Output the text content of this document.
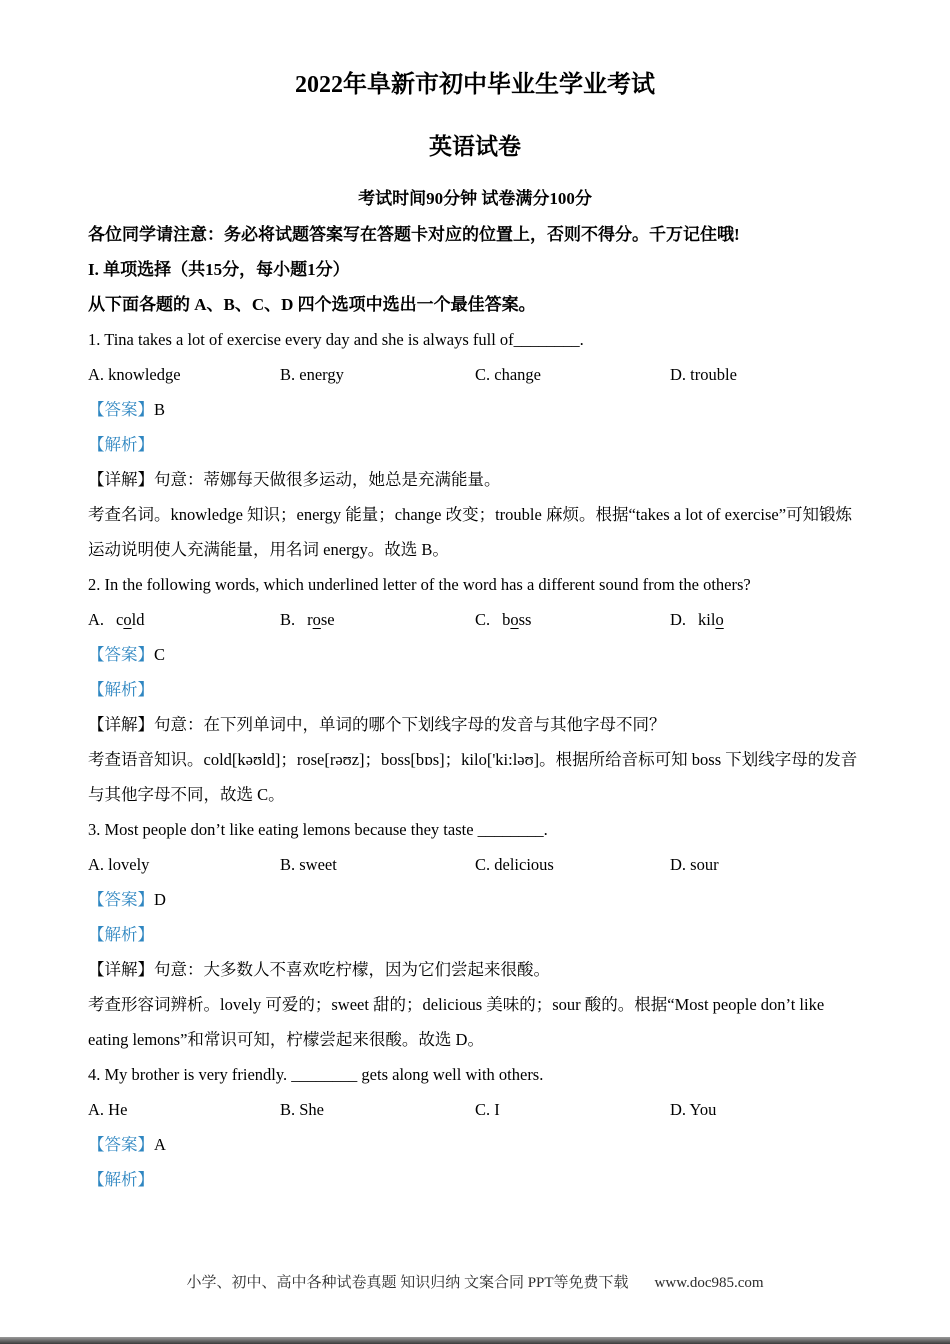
2022年阜新市初中毕业生学业考试
英语试卷

考试时间90分钟 试卷满分100分

各位同学请注意：务必将试题答案写在答题卡对应的位置上，否则不得分。千万记住哦!

I. 单项选择（共15分，每小题1分）

从下面各题的 A、B、C、D 四个选项中选出一个最佳答案。

1. Tina takes a lot of exercise every day and she is always full of________.

A. knowledge	B. energy	C. change	D. trouble

【答案】B

【解析】

【详解】句意：蒂娜每天做很多运动，她总是充满能量。

考查名词。knowledge 知识；energy 能量；change 改变；trouble 麻烦。根据“takes a lot of exercise”可知锻炼运动说明使人充满能量，用名词 energy。故选 B。

2. In the following words, which underlined letter of the word has a different sound from the others?

A. cold	B. rose	C. boss	D. kilo

【答案】C

【解析】

【详解】句意：在下列单词中，单词的哪个下划线字母的发音与其他字母不同？

考查语音知识。cold[kəʊld]；rose[rəʊz]；boss[bɒs]；kilo['ki:ləʊ]。根据所给音标可知 boss 下划线字母的发音与其他字母不同，故选 C。

3. Most people don’t like eating lemons because they taste ________.

A. lovely	B. sweet	C. delicious	D. sour

【答案】D

【解析】

【详解】句意：大多数人不喜欢吃柠檬，因为它们尝起来很酸。

考查形容词辨析。lovely 可爱的；sweet 甜的；delicious 美味的；sour 酸的。根据“Most people don’t like eating lemons”和常识可知，柠檬尝起来很酸。故选 D。

4. My brother is very friendly. ________ gets along well with others.

A. He	B. She	C. I	D. You

【答案】A

【解析】

小学、初中、高中各种试卷真题 知识归纳 文案合同 PPT等免费下载 www.doc985.com
